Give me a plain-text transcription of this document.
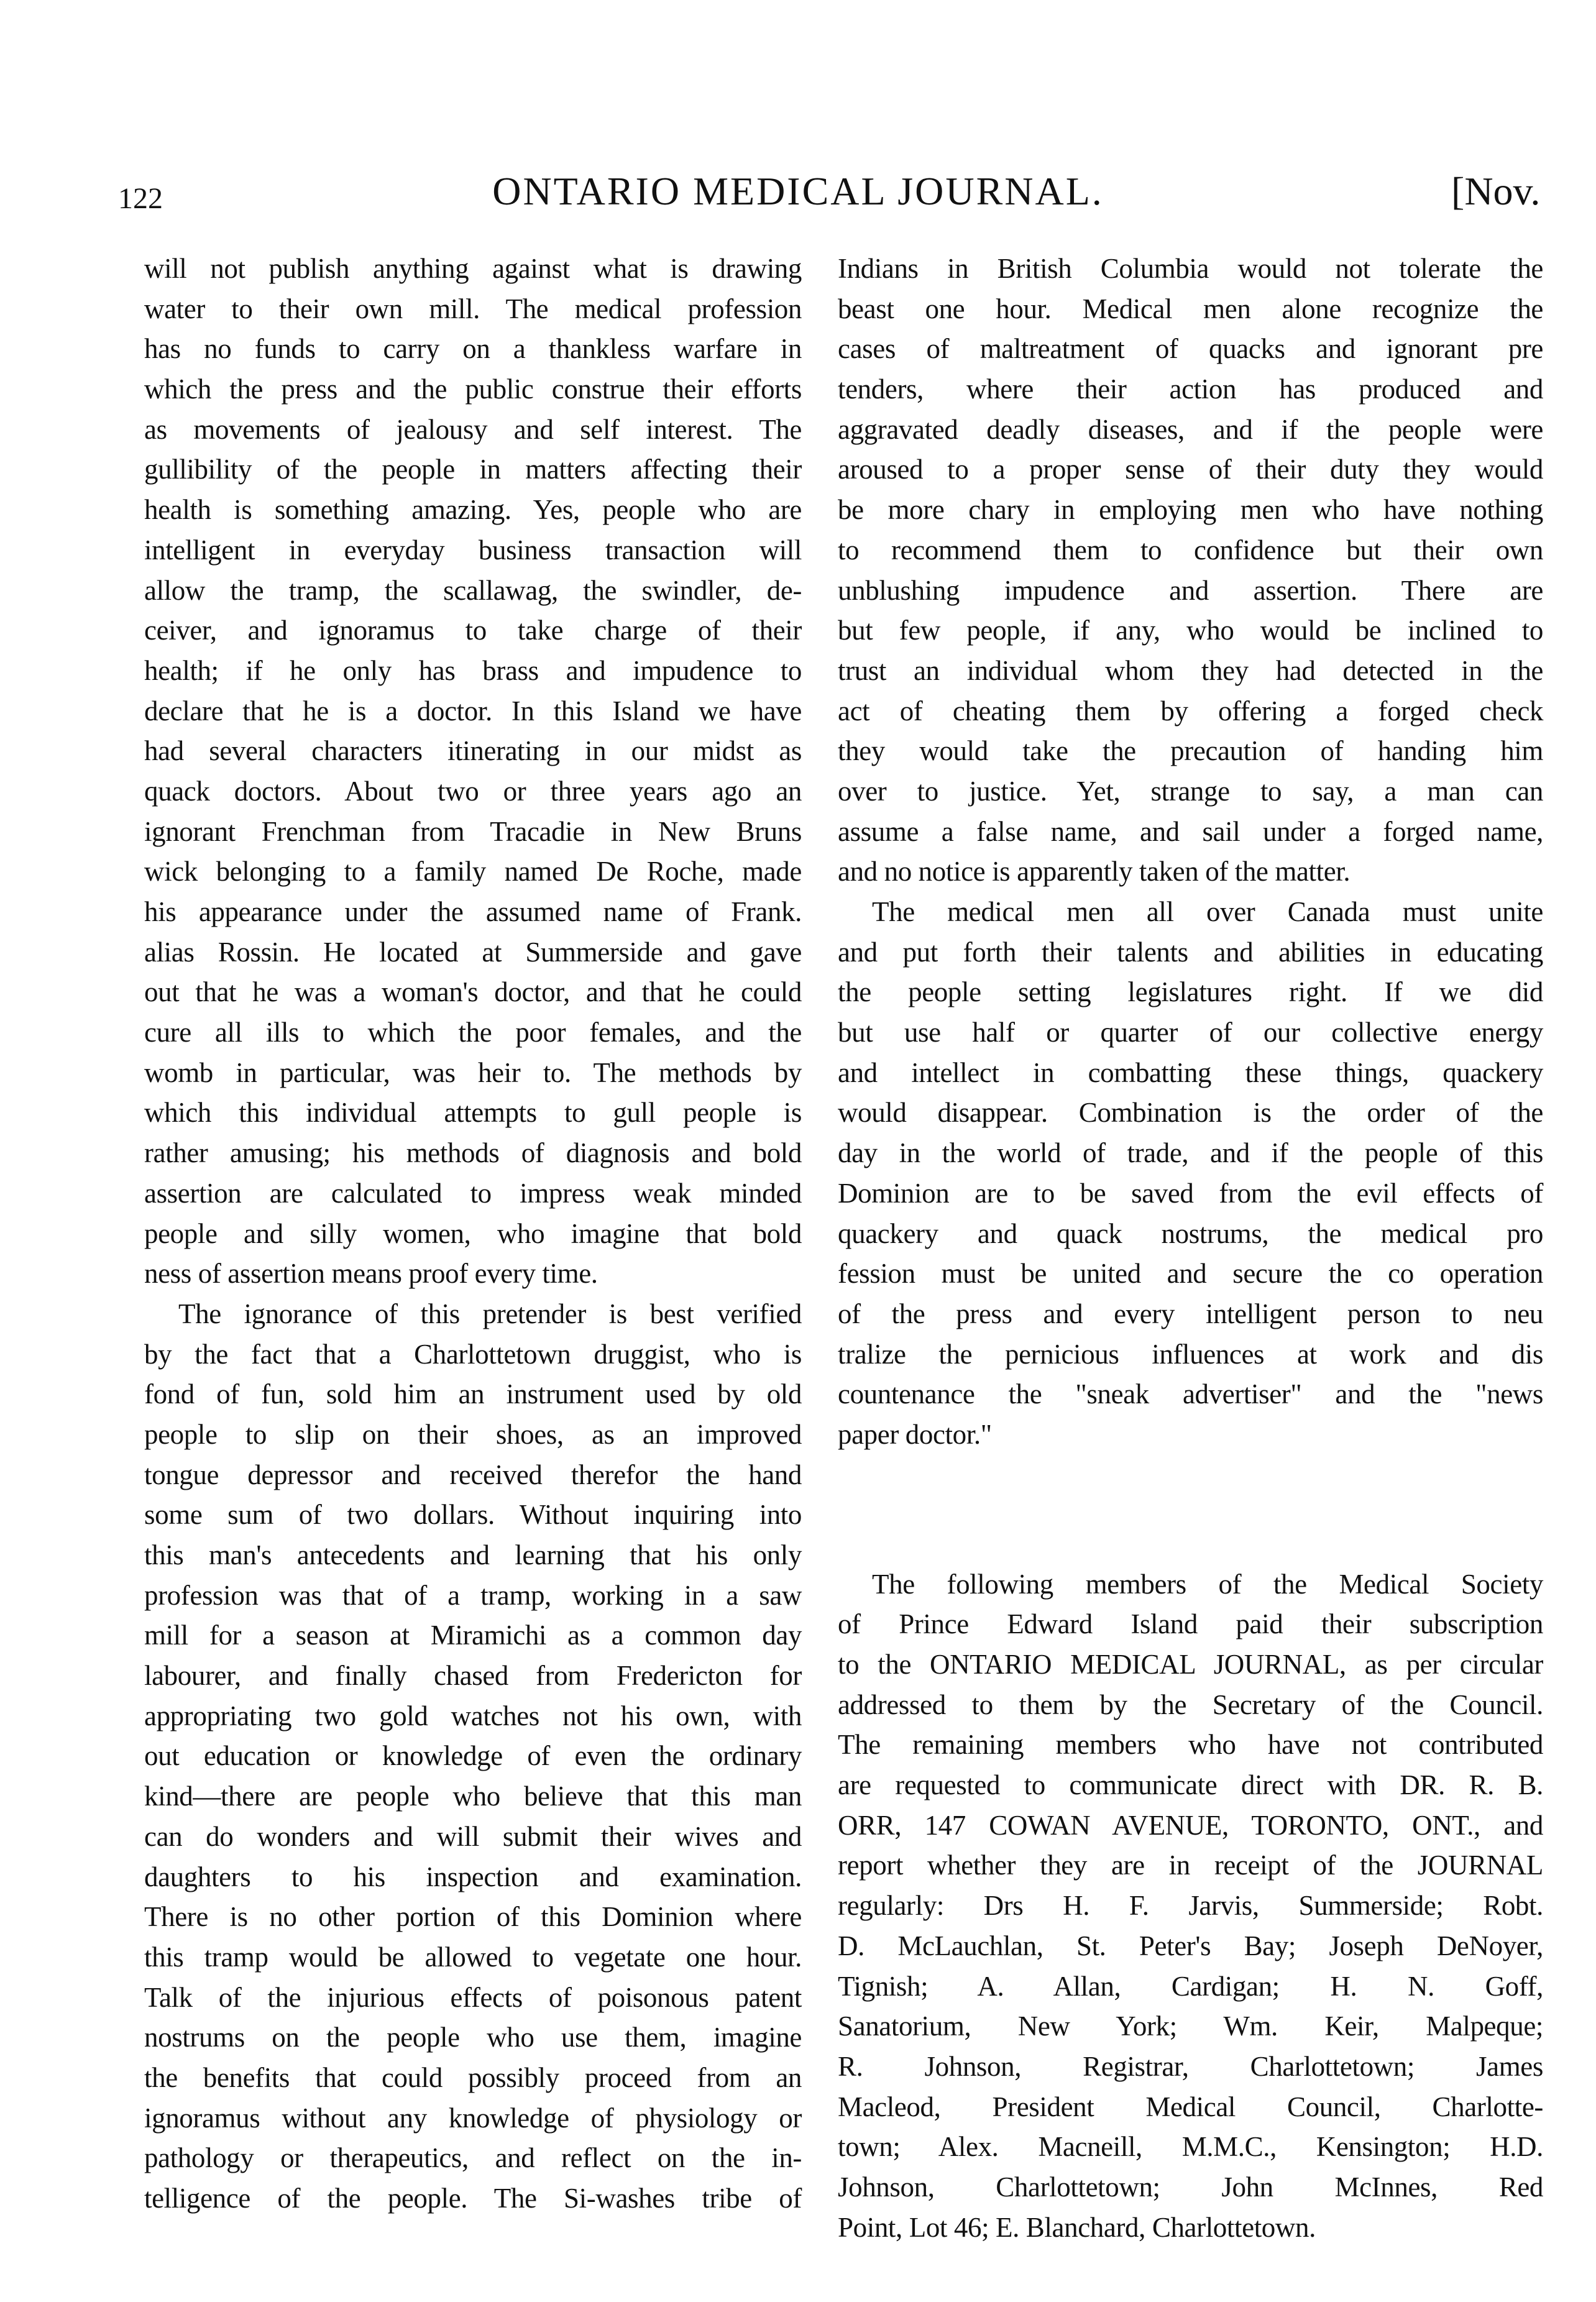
122	ONTARIO MEDICAL JOURNAL.	[Nov.
will not publish anything against what is drawing
water to their own mill. The medical profession
has no funds to carry on a thankless warfare in
which the press and the public construe their efforts
as movements of jealousy and self interest. The
gullibility of the people in matters affecting their
health is something amazing. Yes, people who are
intelligent in everyday business transaction will
allow the tramp, the scallawag, the swindler, de-
ceiver, and ignoramus to take charge of their
health; if he only has brass and impudence to
declare that he is a doctor. In this Island we have
had several characters itinerating in our midst as
quack doctors. About two or three years ago an
ignorant Frenchman from Tracadie in New Bruns
wick belonging to a family named De Roche, made
his appearance under the assumed name of Frank.
alias Rossin. He located at Summerside and gave
out that he was a woman's doctor, and that he could
cure all ills to which the poor females, and the
womb in particular, was heir to. The methods by
which this individual attempts to gull people is
rather amusing; his methods of diagnosis and bold
assertion are calculated to impress weak minded
people and silly women, who imagine that bold
ness of assertion means proof every time.
The ignorance of this pretender is best verified
by the fact that a Charlottetown druggist, who is
fond of fun, sold him an instrument used by old
people to slip on their shoes, as an improved
tongue depressor and received therefor the hand
some sum of two dollars. Without inquiring into
this man's antecedents and learning that his only
profession was that of a tramp, working in a saw
mill for a season at Miramichi as a common day
labourer, and finally chased from Fredericton for
appropriating two gold watches not his own, with
out education or knowledge of even the ordinary
kind—there are people who believe that this man
can do wonders and will submit their wives and
daughters to his inspection and examination.
There is no other portion of this Dominion where
this tramp would be allowed to vegetate one hour.
Talk of the injurious effects of poisonous patent
nostrums on the people who use them, imagine
the benefits that could possibly proceed from an
ignoramus without any knowledge of physiology or
pathology or therapeutics, and reflect on the in-
telligence of the people. The Si-washes tribe of
Indians in British Columbia would not tolerate the
beast one hour. Medical men alone recognize the
cases of maltreatment of quacks and ignorant pre
tenders, where their action has produced and
aggravated deadly diseases, and if the people were
aroused to a proper sense of their duty they would
be more chary in employing men who have nothing
to recommend them to confidence but their own
unblushing impudence and assertion. There are
but few people, if any, who would be inclined to
trust an individual whom they had detected in the
act of cheating them by offering a forged check
they would take the precaution of handing him
over to justice. Yet, strange to say, a man can
assume a false name, and sail under a forged name,
and no notice is apparently taken of the matter.
The medical men all over Canada must unite
and put forth their talents and abilities in educating
the people setting legislatures right. If we did
but use half or quarter of our collective energy
and intellect in combatting these things, quackery
would disappear. Combination is the order of the
day in the world of trade, and if the people of this
Dominion are to be saved from the evil effects of
quackery and quack nostrums, the medical pro
fession must be united and secure the co operation
of the press and every intelligent person to neu
tralize the pernicious influences at work and dis
countenance the "sneak advertiser" and the "news
paper doctor."
The following members of the Medical Society
of Prince Edward Island paid their subscription
to the ONTARIO MEDICAL JOURNAL, as per circular
addressed to them by the Secretary of the Council.
The remaining members who have not contributed
are requested to communicate direct with DR. R. B.
ORR, 147 COWAN AVENUE, TORONTO, ONT., and
report whether they are in receipt of the JOURNAL
regularly: Drs H. F. Jarvis, Summerside; Robt.
D. McLauchlan, St. Peter's Bay; Joseph DeNoyer,
Tignish; A. Allan, Cardigan; H. N. Goff,
Sanatorium, New York; Wm. Keir, Malpeque;
R. Johnson, Registrar, Charlottetown; James
Macleod, President Medical Council, Charlotte-
town; Alex. Macneill, M.M.C., Kensington; H.D.
Johnson, Charlottetown; John McInnes, Red
Point, Lot 46; E. Blanchard, Charlottetown.
